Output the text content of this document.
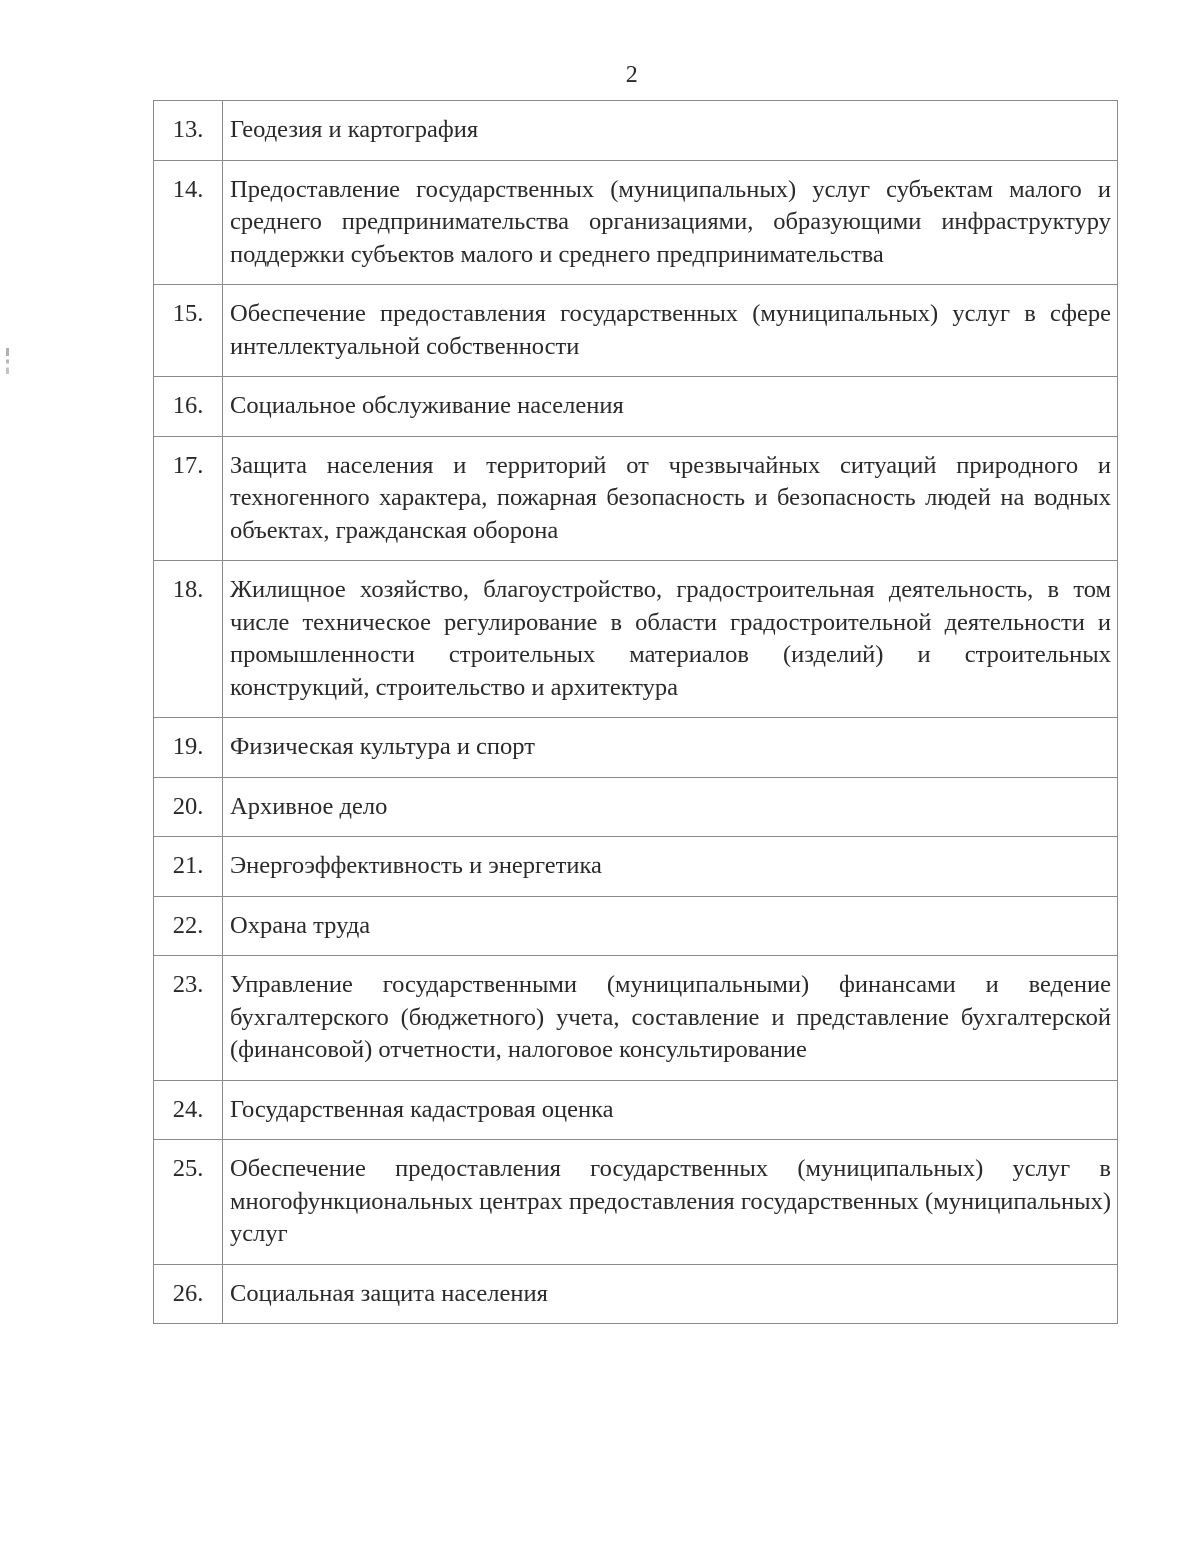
2
13.	Геодезия и картография
14.	Предоставление государственных (муниципальных) услуг субъектам малого и среднего предпринимательства организациями, образующими инфраструктуру поддержки субъектов малого и среднего предпринимательства
15.	Обеспечение предоставления государственных (муниципальных) услуг в сфере интеллектуальной собственности
16.	Социальное обслуживание населения
17.	Защита населения и территорий от чрезвычайных ситуаций природного и техногенного характера, пожарная безопасность и безопасность людей на водных объектах, гражданская оборона
18.	Жилищное хозяйство, благоустройство, градостроительная деятельность, в том числе техническое регулирование в области градостроительной деятельности и промышленности строительных материалов (изделий) и строительных конструкций, строительство и архитектура
19.	Физическая культура и спорт
20.	Архивное дело
21.	Энергоэффективность и энергетика
22.	Охрана труда
23.	Управление государственными (муниципальными) финансами и ведение бухгалтерского (бюджетного) учета, составление и представление бухгалтерской (финансовой) отчетности, налоговое консультирование
24.	Государственная кадастровая оценка
25.	Обеспечение предоставления государственных (муниципальных) услуг в многофункциональных центрах предоставления государственных (муниципальных) услуг
26.	Социальная защита населения
